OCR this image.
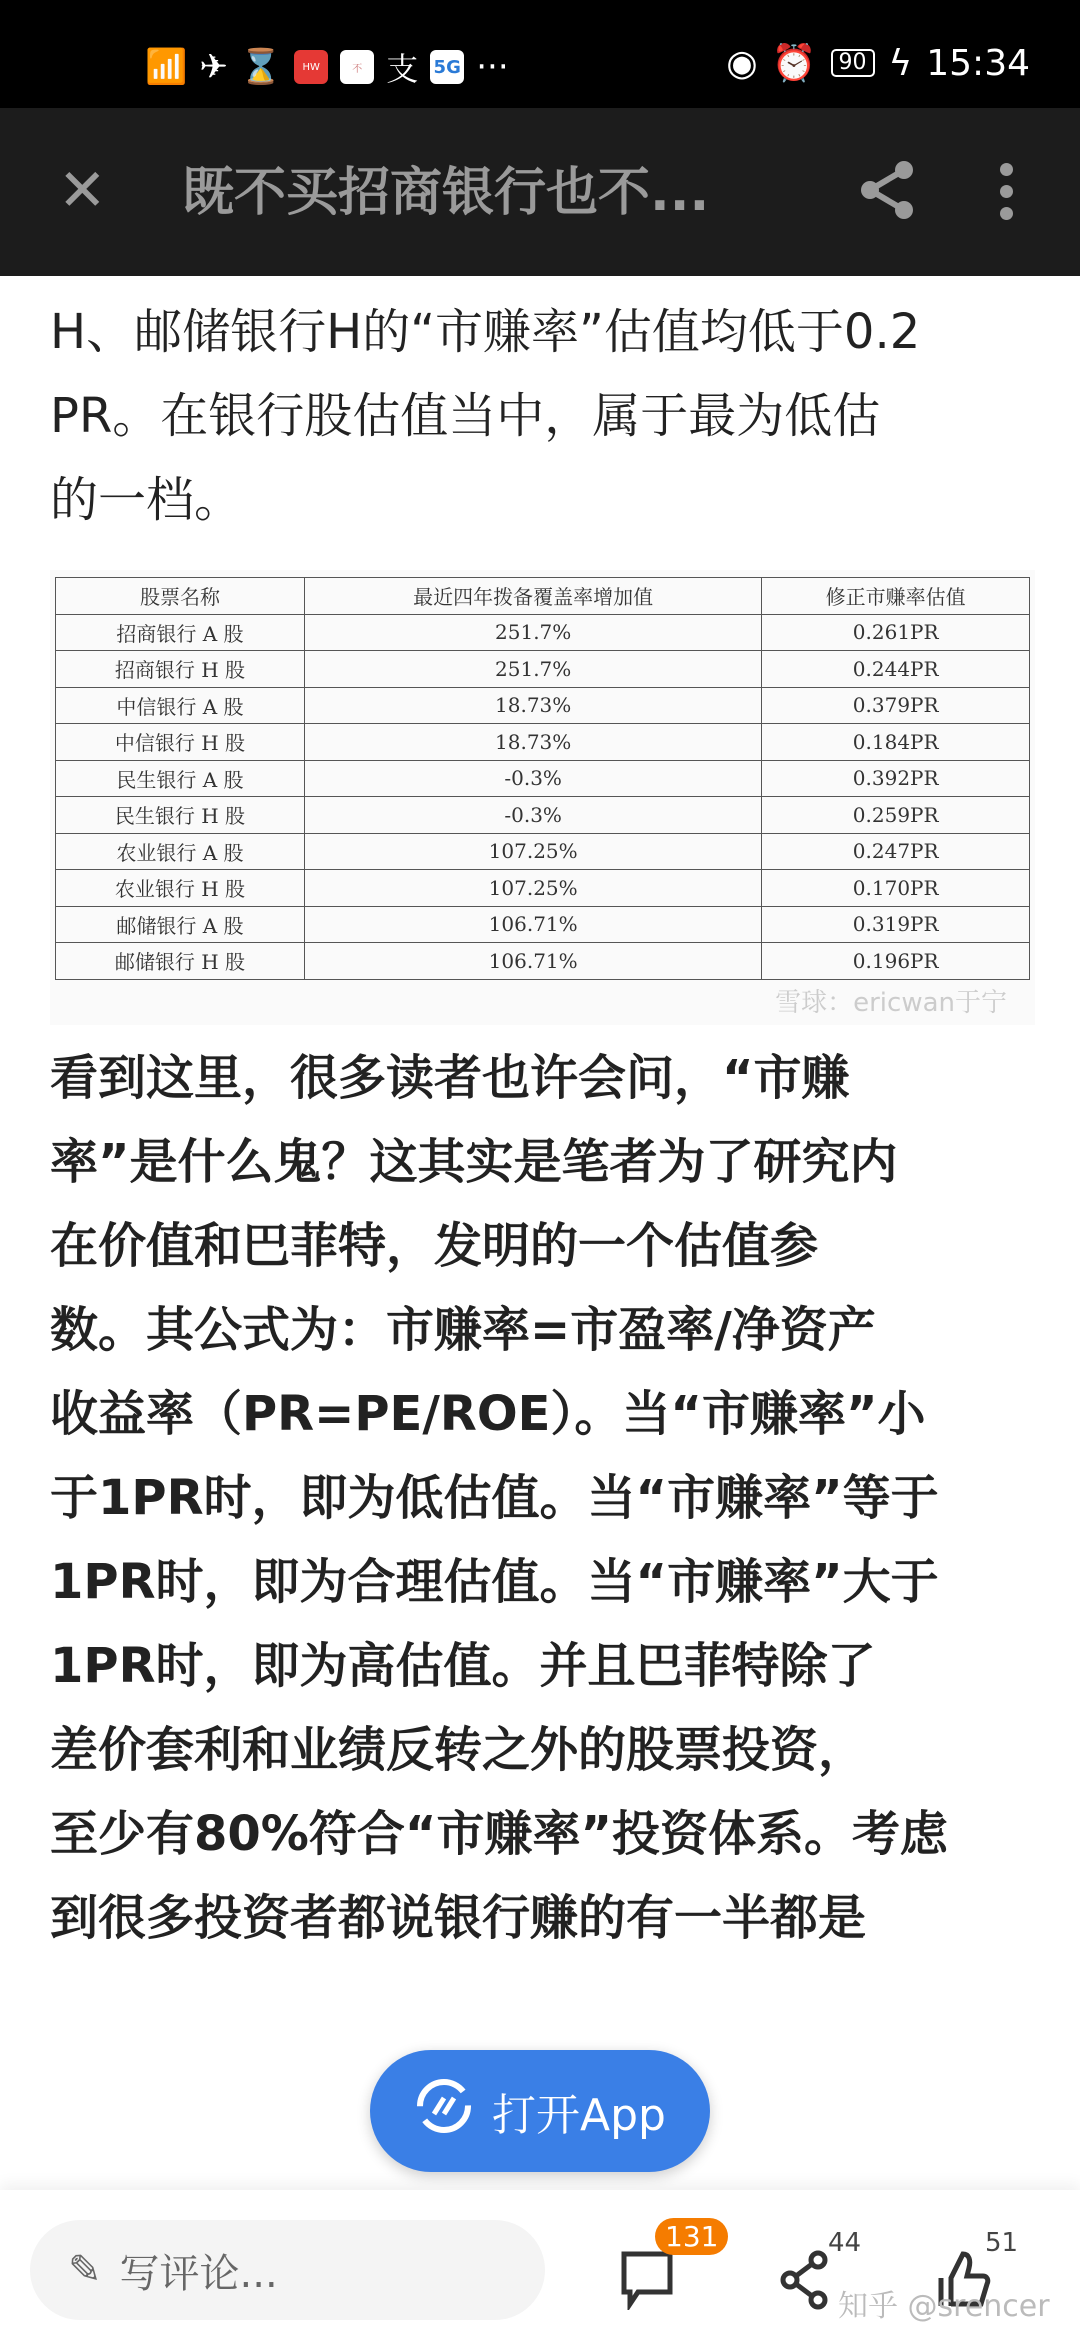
📶 ✈ ⌛	HW	不 支 5G ···	◉ ⏰	90 ϟ 15:34
✕ 既不买招商银行也不...
H、邮储银行H的“市赚率”估值均低于0.2
PR。在银行股估值当中，属于最为低估
的一档。
股票名称	最近四年拨备覆盖率增加值	修正市赚率估值
招商银行 A 股	251.7%	0.261PR
招商银行 H 股	251.7%	0.244PR
中信银行 A 股	18.73%	0.379PR
中信银行 H 股	18.73%	0.184PR
民生银行 A 股	-0.3%	0.392PR
民生银行 H 股	-0.3%	0.259PR
农业银行 A 股	107.25%	0.247PR
农业银行 H 股	107.25%	0.170PR
邮储银行 A 股	106.71%	0.319PR
邮储银行 H 股	106.71%	0.196PR
雪球：ericwan于宁
看到这里，很多读者也许会问，“市赚
率”是什么鬼？这其实是笔者为了研究内
在价值和巴菲特，发明的一个估值参
数。其公式为：市赚率=市盈率/净资产
收益率（PR=PE/ROE）。当“市赚率”小
于1PR时，即为低估值。当“市赚率”等于
1PR时，即为合理估值。当“市赚率”大于
1PR时，即为高估值。并且巴菲特除了
差价套利和业绩反转之外的股票投资，
至少有80%符合“市赚率”投资体系。考虑
到很多投资者都说银行赚的有一半都是
打开App
✎ 写评论...
131	44	51
知乎 @srencer
